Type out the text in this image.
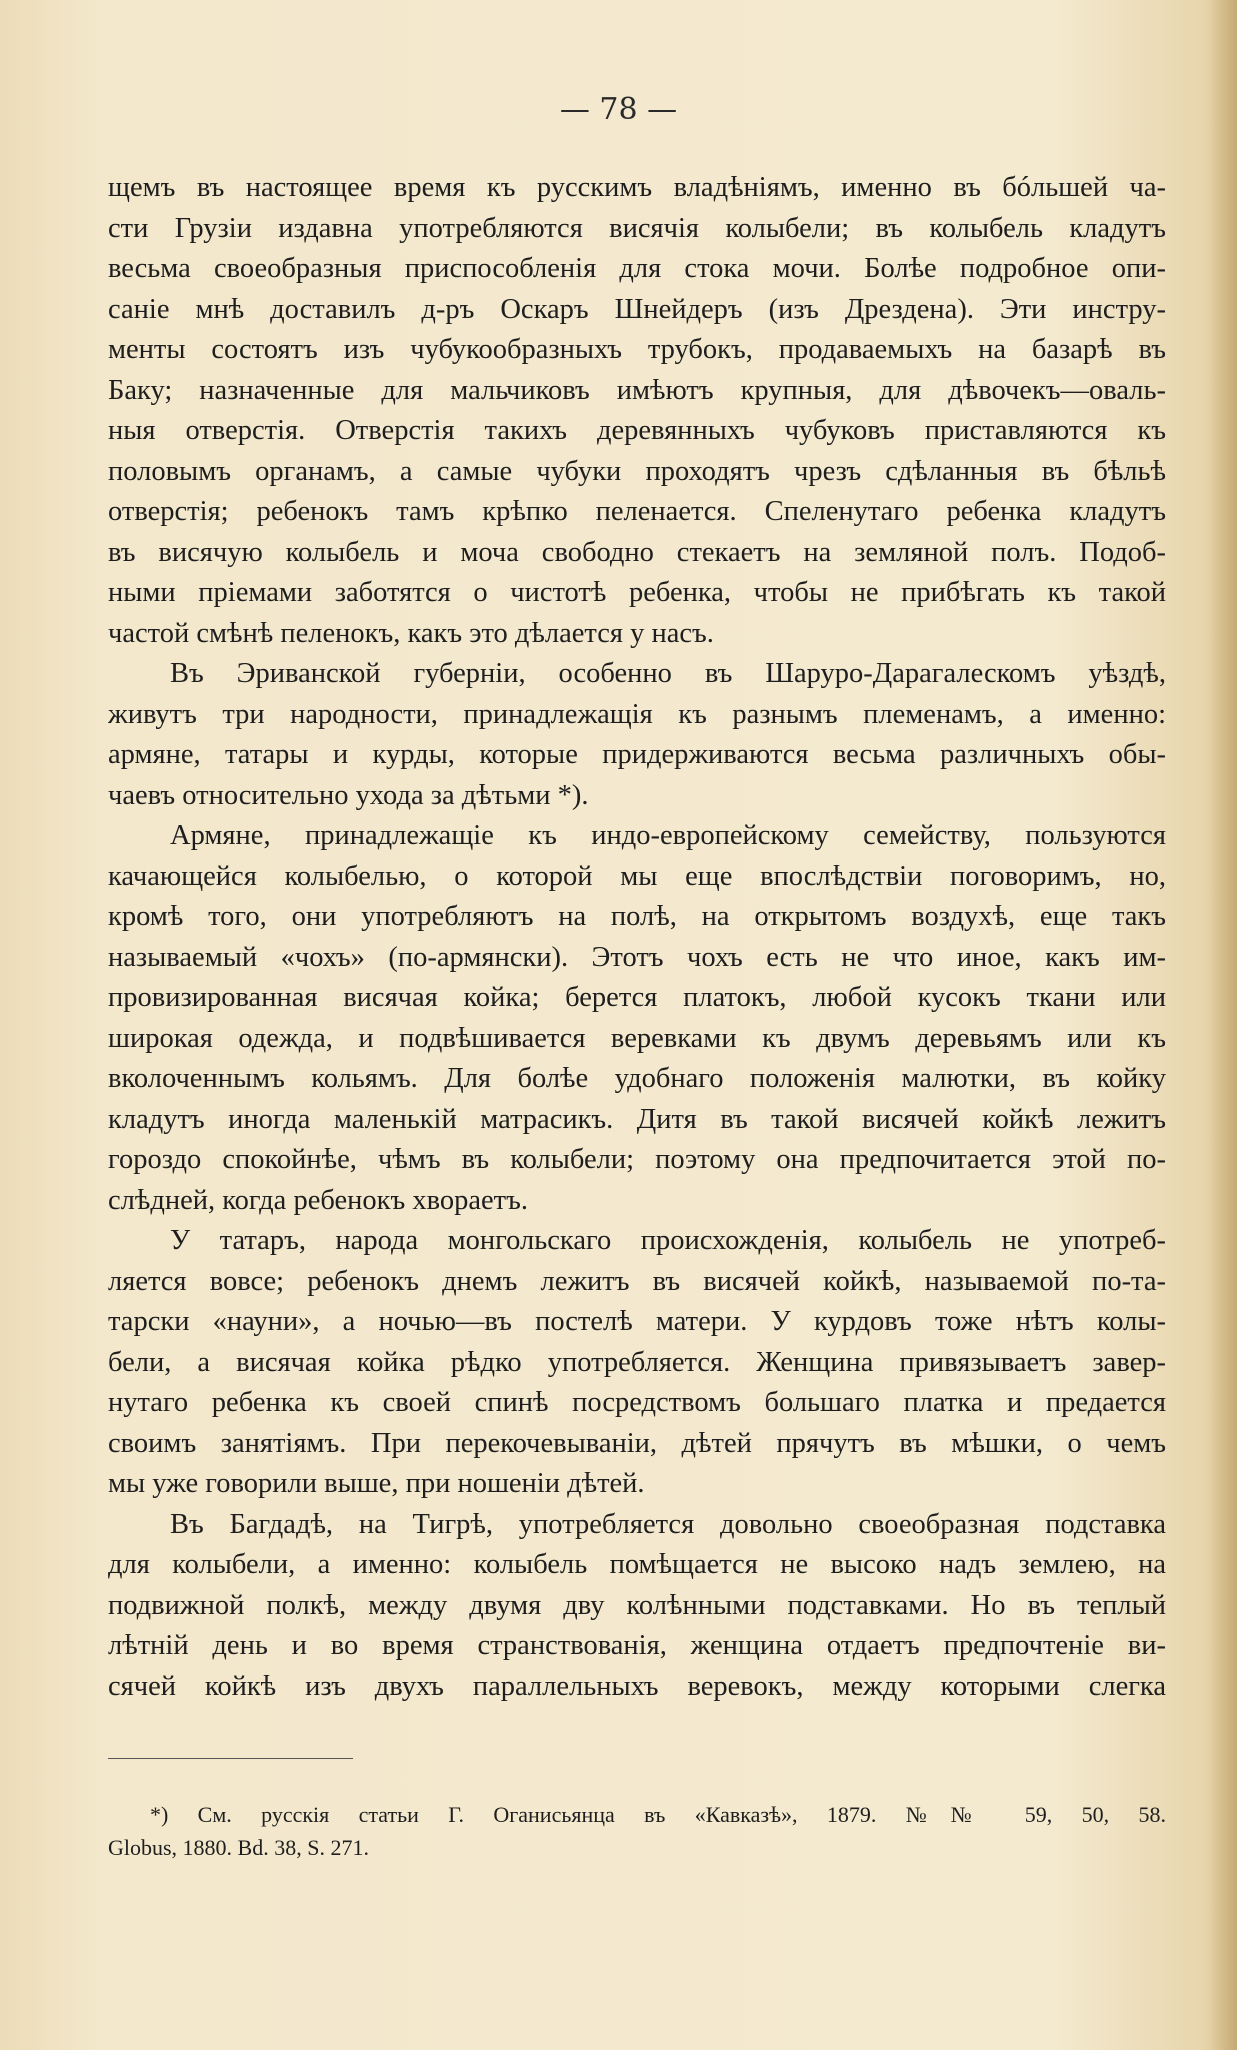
— 78 —
щемъ въ настоящее время къ русскимъ владѣніямъ, именно въ бóльшей ча-
сти Грузіи издавна употребляются висячія колыбели; въ колыбель кладутъ
весьма своеобразныя приспособленія для стока мочи. Болѣе подробное опи-
саніе мнѣ доставилъ д-ръ Оскаръ Шнейдеръ (изъ Дрездена). Эти инстру-
менты состоятъ изъ чубукообразныхъ трубокъ, продаваемыхъ на базарѣ въ
Баку; назначенные для мальчиковъ имѣютъ крупныя, для дѣвочекъ—оваль-
ныя отверстія. Отверстія такихъ деревянныхъ чубуковъ приставляются къ
половымъ органамъ, а самые чубуки проходятъ чрезъ сдѣланныя въ бѣльѣ
отверстія; ребенокъ тамъ крѣпко пеленается. Спеленутаго ребенка кладутъ
въ висячую колыбель и моча свободно стекаетъ на земляной полъ. Подоб-
ными пріемами заботятся о чистотѣ ребенка, чтобы не прибѣгать къ такой
частой смѣнѣ пеленокъ, какъ это дѣлается у насъ.
Въ Эриванской губерніи, особенно въ Шаруро-Дарагалескомъ уѣздѣ,
живутъ три народности, принадлежащія къ разнымъ племенамъ, а именно:
армяне, татары и курды, которые придерживаются весьма различныхъ обы-
чаевъ относительно ухода за дѣтьми *).
Армяне, принадлежащіе къ индо-европейскому семейству, пользуются
качающейся колыбелью, о которой мы еще впослѣдствіи поговоримъ, но,
кромѣ того, они употребляютъ на полѣ, на открытомъ воздухѣ, еще такъ
называемый «чохъ» (по-армянски). Этотъ чохъ есть не что иное, какъ им-
провизированная висячая койка; берется платокъ, любой кусокъ ткани или
широкая одежда, и подвѣшивается веревками къ двумъ деревьямъ или къ
вколоченнымъ кольямъ. Для болѣе удобнаго положенія малютки, въ койку
кладутъ иногда маленькій матрасикъ. Дитя въ такой висячей койкѣ лежитъ
гороздо спокойнѣе, чѣмъ въ колыбели; поэтому она предпочитается этой по-
слѣдней, когда ребенокъ хвораетъ.
У татаръ, народа монгольскаго происхожденія, колыбель не употреб-
ляется вовсе; ребенокъ днемъ лежитъ въ висячей койкѣ, называемой по-та-
тарски «науни», а ночью—въ постелѣ матери. У курдовъ тоже нѣтъ колы-
бели, а висячая койка рѣдко употребляется. Женщина привязываетъ завер-
нутаго ребенка къ своей спинѣ посредствомъ большаго платка и предается
своимъ занятіямъ. При перекочевываніи, дѣтей прячутъ въ мѣшки, о чемъ
мы уже говорили выше, при ношеніи дѣтей.
Въ Багдадѣ, на Тигрѣ, употребляется довольно своеобразная подставка
для колыбели, а именно: колыбель помѣщается не высоко надъ землею, на
подвижной полкѣ, между двумя дву колѣнными подставками. Но въ теплый
лѣтній день и во время странствованія, женщина отдаетъ предпочтеніе ви-
сячей койкѣ изъ двухъ параллельныхъ веревокъ, между которыми слегка
*) См. русскія статьи Г. Оганисьянца въ «Кавказѣ», 1879. №№ 59, 50, 58.
Globus, 1880. Bd. 38, S. 271.
